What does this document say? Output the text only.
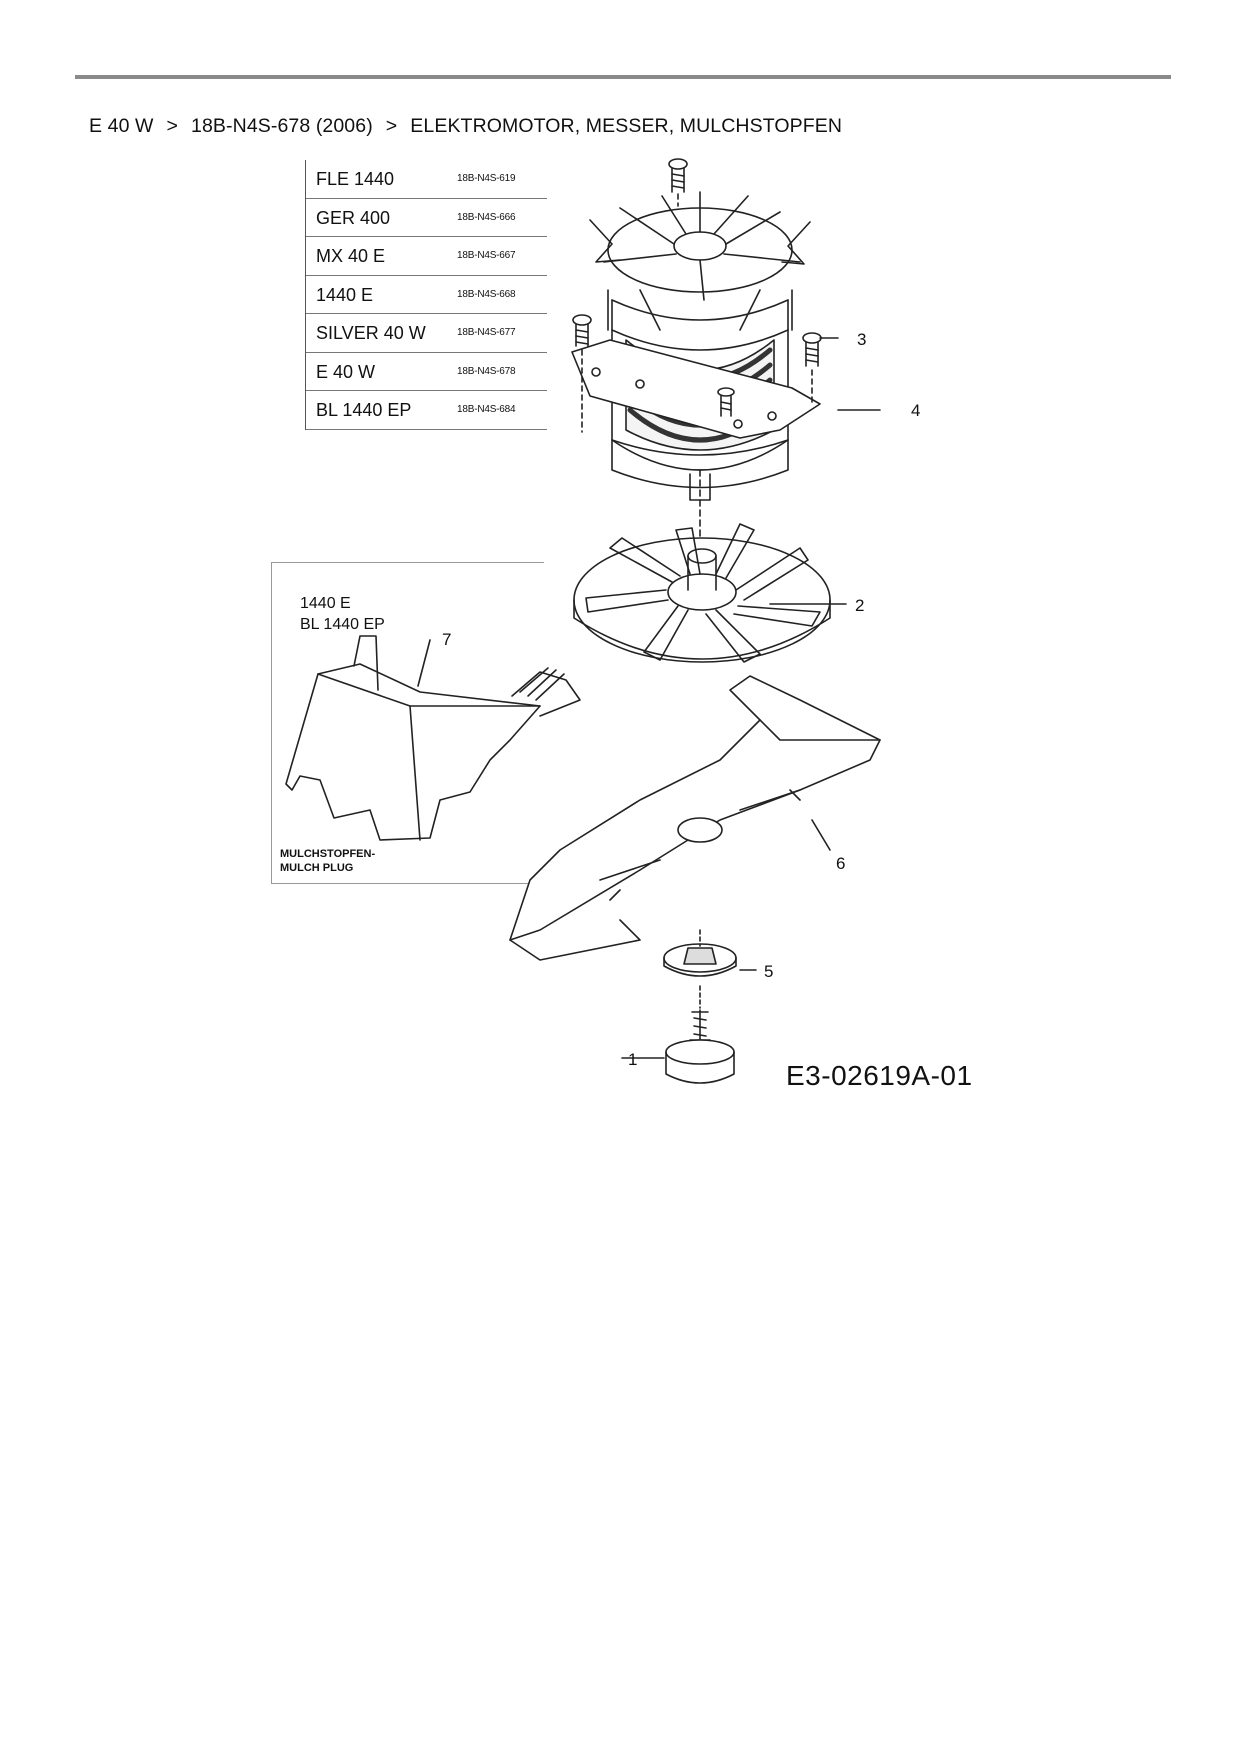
E 40 W > 18B-N4S-678 (2006) > ELEKTROMOTOR, MESSER, MULCHSTOPFEN
FLE 1440	18B-N4S-619
GER 400	18B-N4S-666
MX 40 E	18B-N4S-667
1440 E	18B-N4S-668
SILVER 40 W	18B-N4S-677
E 40 W	18B-N4S-678
BL 1440 EP	18B-N4S-684
1440 E
BL 1440 EP
MULCHSTOPFEN-
MULCH PLUG
3
4
2
6
5
1
7
E3-02619A-01
